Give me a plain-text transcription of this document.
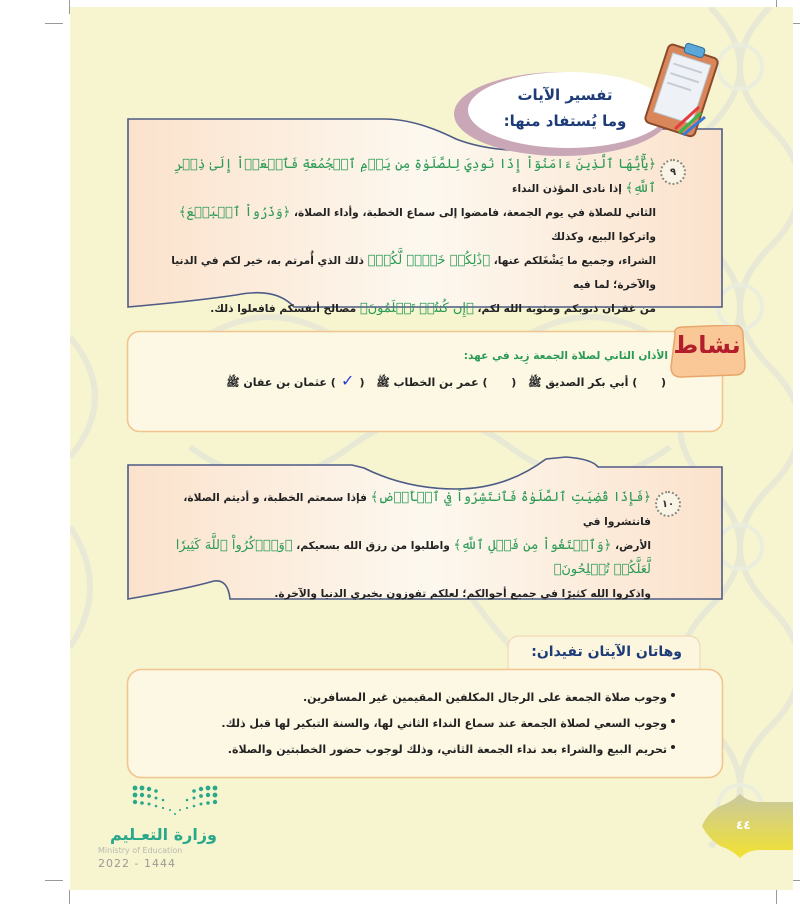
تفسير الآيات
وما يُستفاد منها:
٩
﴿يَٰٓأَيُّهَا ٱلَّذِينَ ءَامَنُوٓاْ إِذَا نُودِيَ لِلصَّلَوٰةِ مِن يَوۡمِ ٱلۡجُمُعَةِ فَٱسۡعَوۡاْ إِلَىٰ ذِكۡرِ ٱللَّهِ﴾ إذا نادى المؤذن النداء
الثاني للصلاة في يوم الجمعة، فامضوا إلى سماع الخطبة، وأداء الصلاة، ﴿وَذَرُواْ ٱلۡبَيۡعَ﴾ واتركوا البيع، وكذلك
الشراء، وجميع ما يَشْغَلكم عنها، ﴿ذَٰلِكُمۡ خَيۡرٞ لَّكُمۡ﴾ ذلك الذي أُمرتم به، خير لكم في الدنيا والآخرة؛ لما فيه
من غفران ذنوبكم ومثوبة الله لكم، ﴿إِن كُنتُمۡ تَعۡلَمُونَ﴾ مصالح أنفسكم فافعلوا ذلك.
نشاط
الأذان الثاني لصلاة الجمعة زِيد في عهد:
(  ) أبي بكر الصديق ﷺ (  ) عمر بن الخطاب ﷺ ( ✓ ) عثمان بن عفان ﷺ
١٠
﴿فَإِذَا قُضِيَتِ ٱلصَّلَوٰةُ فَٱنتَشِرُواْ فِي ٱلۡأَرۡضِ﴾ فإذا سمعتم الخطبة، و أديتم الصلاة، فانتشروا في
الأرض، ﴿وَٱبۡتَغُواْ مِن فَضۡلِ ٱللَّهِ﴾ واطلبوا من رزق الله بسعيكم، ﴿وَٱذۡكُرُواْ ٱللَّهَ كَثِيرٗا لَّعَلَّكُمۡ تُفۡلِحُونَ﴾
واذكروا الله كثيرًا في جميع أحوالكم؛ لعلكم تفوزون بخيري الدنيا والآخرة.
وهاتان الآيتان تفيدان:
وجوب صلاة الجمعة على الرجال المكلفين المقيمين غير المسافرين.
وجوب السعي لصلاة الجمعة عند سماع النداء الثاني لها، والسنة التبكير لها قبل ذلك.
تحريم البيع والشراء بعد نداء الجمعة الثاني، وذلك لوجوب حضور الخطبتين والصلاة.
وزارة التعـليم
Ministry of Education
2022 - 1444
٤٤
